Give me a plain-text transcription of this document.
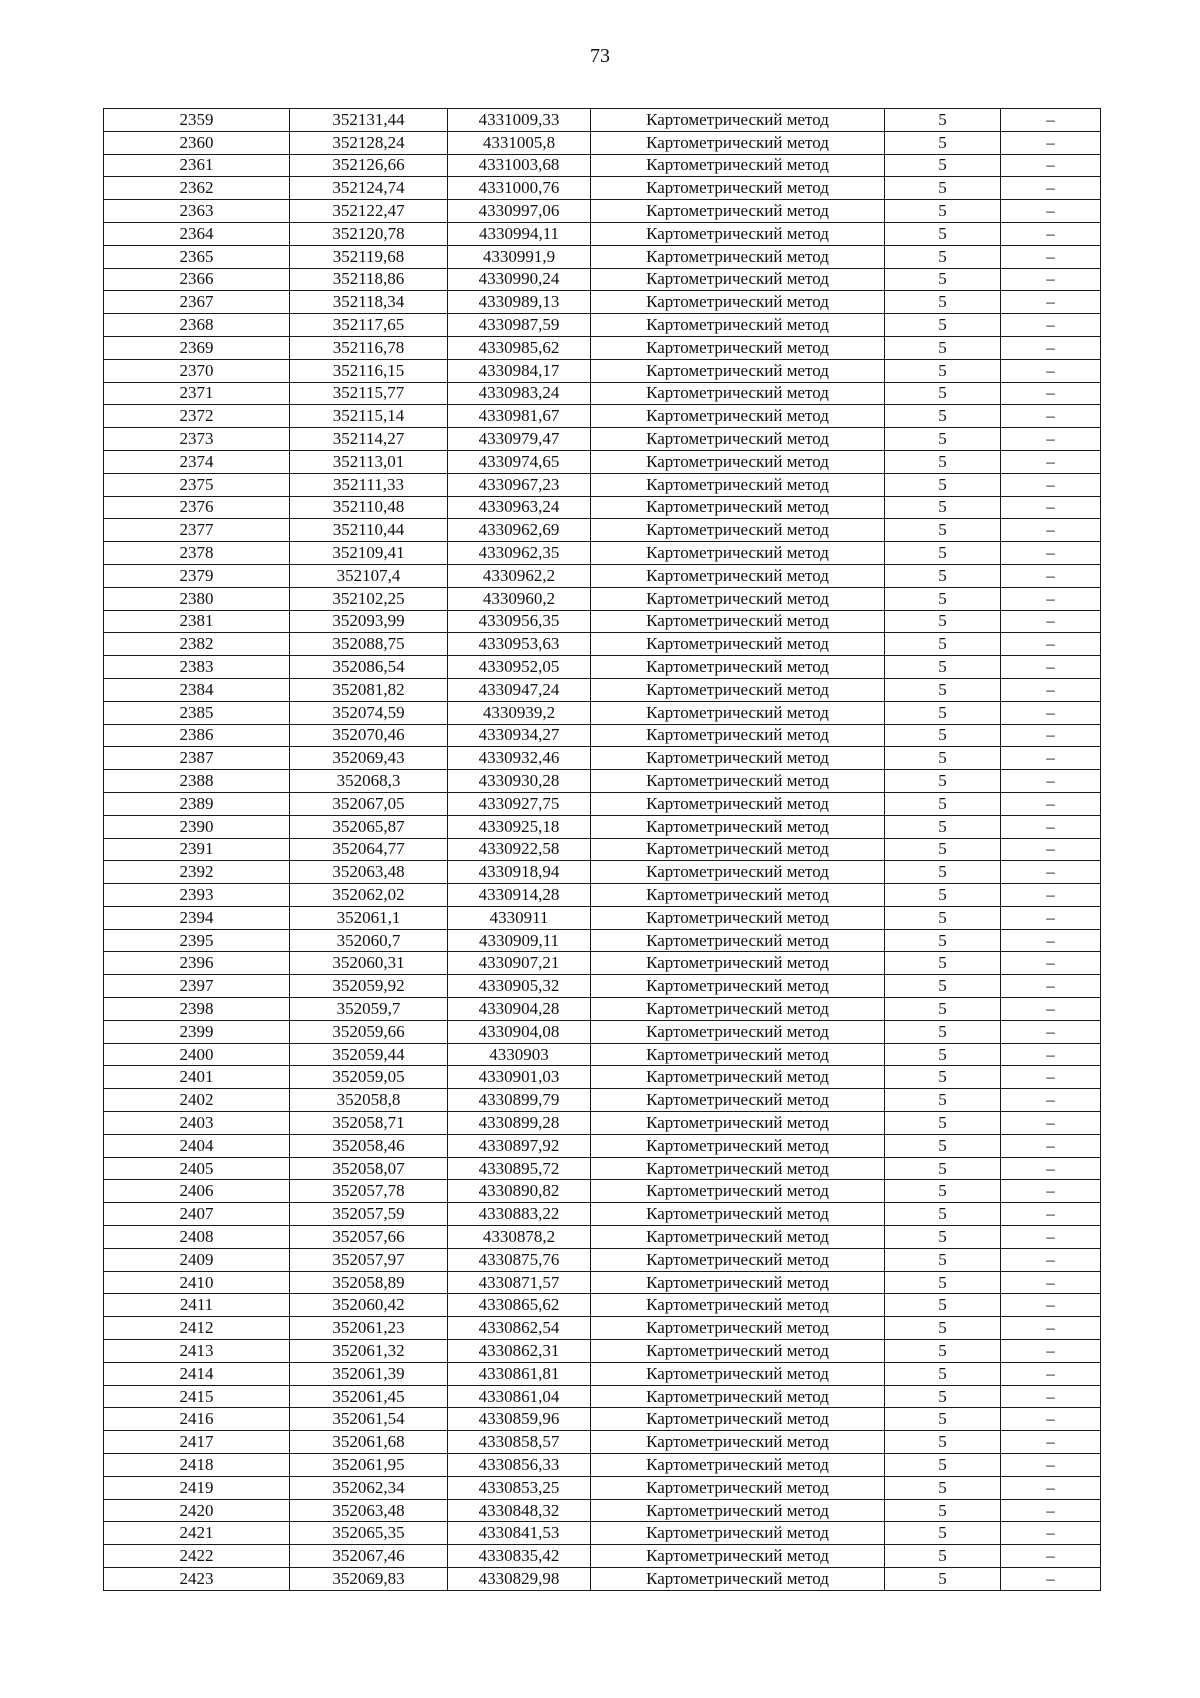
73
2359	352131,44	4331009,33	Картометрический метод	5	–
2360	352128,24	4331005,8	Картометрический метод	5	–
2361	352126,66	4331003,68	Картометрический метод	5	–
2362	352124,74	4331000,76	Картометрический метод	5	–
2363	352122,47	4330997,06	Картометрический метод	5	–
2364	352120,78	4330994,11	Картометрический метод	5	–
2365	352119,68	4330991,9	Картометрический метод	5	–
2366	352118,86	4330990,24	Картометрический метод	5	–
2367	352118,34	4330989,13	Картометрический метод	5	–
2368	352117,65	4330987,59	Картометрический метод	5	–
2369	352116,78	4330985,62	Картометрический метод	5	–
2370	352116,15	4330984,17	Картометрический метод	5	–
2371	352115,77	4330983,24	Картометрический метод	5	–
2372	352115,14	4330981,67	Картометрический метод	5	–
2373	352114,27	4330979,47	Картометрический метод	5	–
2374	352113,01	4330974,65	Картометрический метод	5	–
2375	352111,33	4330967,23	Картометрический метод	5	–
2376	352110,48	4330963,24	Картометрический метод	5	–
2377	352110,44	4330962,69	Картометрический метод	5	–
2378	352109,41	4330962,35	Картометрический метод	5	–
2379	352107,4	4330962,2	Картометрический метод	5	–
2380	352102,25	4330960,2	Картометрический метод	5	–
2381	352093,99	4330956,35	Картометрический метод	5	–
2382	352088,75	4330953,63	Картометрический метод	5	–
2383	352086,54	4330952,05	Картометрический метод	5	–
2384	352081,82	4330947,24	Картометрический метод	5	–
2385	352074,59	4330939,2	Картометрический метод	5	–
2386	352070,46	4330934,27	Картометрический метод	5	–
2387	352069,43	4330932,46	Картометрический метод	5	–
2388	352068,3	4330930,28	Картометрический метод	5	–
2389	352067,05	4330927,75	Картометрический метод	5	–
2390	352065,87	4330925,18	Картометрический метод	5	–
2391	352064,77	4330922,58	Картометрический метод	5	–
2392	352063,48	4330918,94	Картометрический метод	5	–
2393	352062,02	4330914,28	Картометрический метод	5	–
2394	352061,1	4330911	Картометрический метод	5	–
2395	352060,7	4330909,11	Картометрический метод	5	–
2396	352060,31	4330907,21	Картометрический метод	5	–
2397	352059,92	4330905,32	Картометрический метод	5	–
2398	352059,7	4330904,28	Картометрический метод	5	–
2399	352059,66	4330904,08	Картометрический метод	5	–
2400	352059,44	4330903	Картометрический метод	5	–
2401	352059,05	4330901,03	Картометрический метод	5	–
2402	352058,8	4330899,79	Картометрический метод	5	–
2403	352058,71	4330899,28	Картометрический метод	5	–
2404	352058,46	4330897,92	Картометрический метод	5	–
2405	352058,07	4330895,72	Картометрический метод	5	–
2406	352057,78	4330890,82	Картометрический метод	5	–
2407	352057,59	4330883,22	Картометрический метод	5	–
2408	352057,66	4330878,2	Картометрический метод	5	–
2409	352057,97	4330875,76	Картометрический метод	5	–
2410	352058,89	4330871,57	Картометрический метод	5	–
2411	352060,42	4330865,62	Картометрический метод	5	–
2412	352061,23	4330862,54	Картометрический метод	5	–
2413	352061,32	4330862,31	Картометрический метод	5	–
2414	352061,39	4330861,81	Картометрический метод	5	–
2415	352061,45	4330861,04	Картометрический метод	5	–
2416	352061,54	4330859,96	Картометрический метод	5	–
2417	352061,68	4330858,57	Картометрический метод	5	–
2418	352061,95	4330856,33	Картометрический метод	5	–
2419	352062,34	4330853,25	Картометрический метод	5	–
2420	352063,48	4330848,32	Картометрический метод	5	–
2421	352065,35	4330841,53	Картометрический метод	5	–
2422	352067,46	4330835,42	Картометрический метод	5	–
2423	352069,83	4330829,98	Картометрический метод	5	–
